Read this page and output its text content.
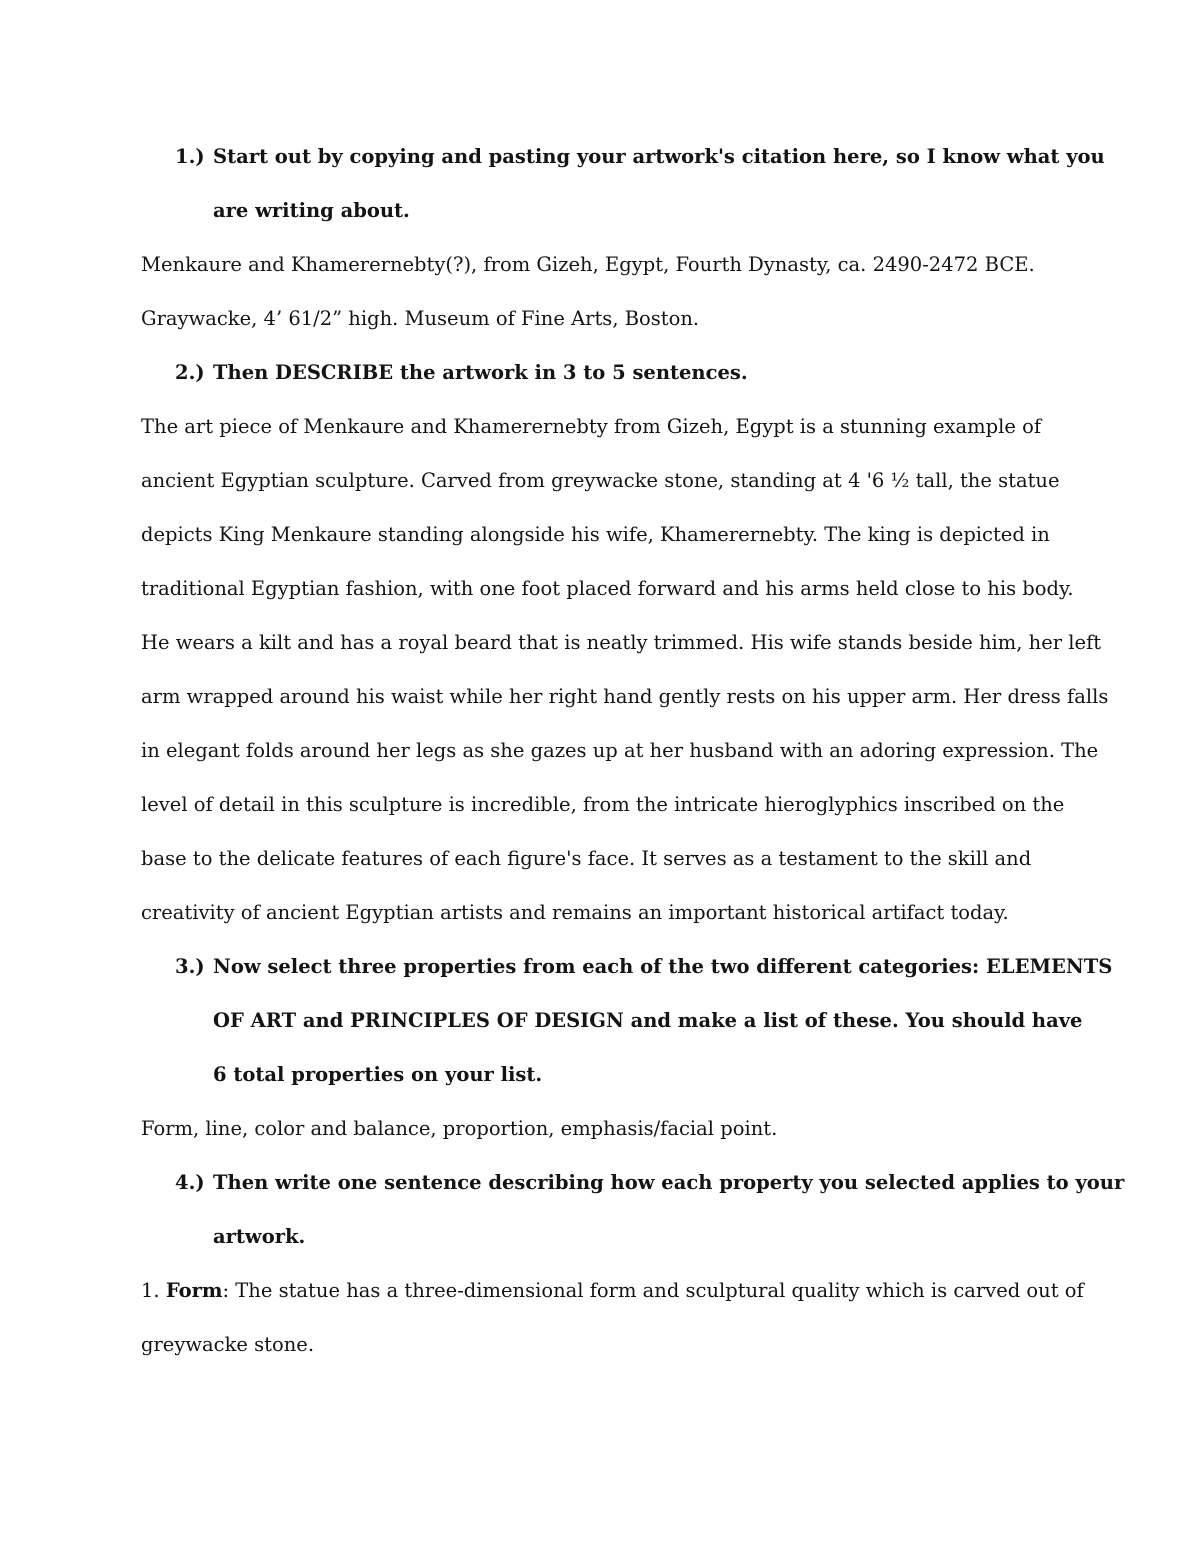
1.) Start out by copying and pasting your artwork's citation here, so I know what you
are writing about.
Menkaure and Khamerernebty(?), from Gizeh, Egypt, Fourth Dynasty, ca. 2490-2472 BCE.
Graywacke, 4’ 61/2” high. Museum of Fine Arts, Boston.
2.) Then DESCRIBE the artwork in 3 to 5 sentences.
The art piece of Menkaure and Khamerernebty from Gizeh, Egypt is a stunning example of
ancient Egyptian sculpture. Carved from greywacke stone, standing at 4 '6 ½ tall, the statue
depicts King Menkaure standing alongside his wife, Khamerernebty. The king is depicted in
traditional Egyptian fashion, with one foot placed forward and his arms held close to his body.
He wears a kilt and has a royal beard that is neatly trimmed. His wife stands beside him, her left
arm wrapped around his waist while her right hand gently rests on his upper arm. Her dress falls
in elegant folds around her legs as she gazes up at her husband with an adoring expression. The
level of detail in this sculpture is incredible, from the intricate hieroglyphics inscribed on the
base to the delicate features of each figure's face. It serves as a testament to the skill and
creativity of ancient Egyptian artists and remains an important historical artifact today.
3.) Now select three properties from each of the two different categories: ELEMENTS
OF ART and PRINCIPLES OF DESIGN and make a list of these. You should have
6 total properties on your list.
Form, line, color and balance, proportion, emphasis/facial point.
4.) Then write one sentence describing how each property you selected applies to your
artwork.
1. Form: The statue has a three-dimensional form and sculptural quality which is carved out of
greywacke stone.
